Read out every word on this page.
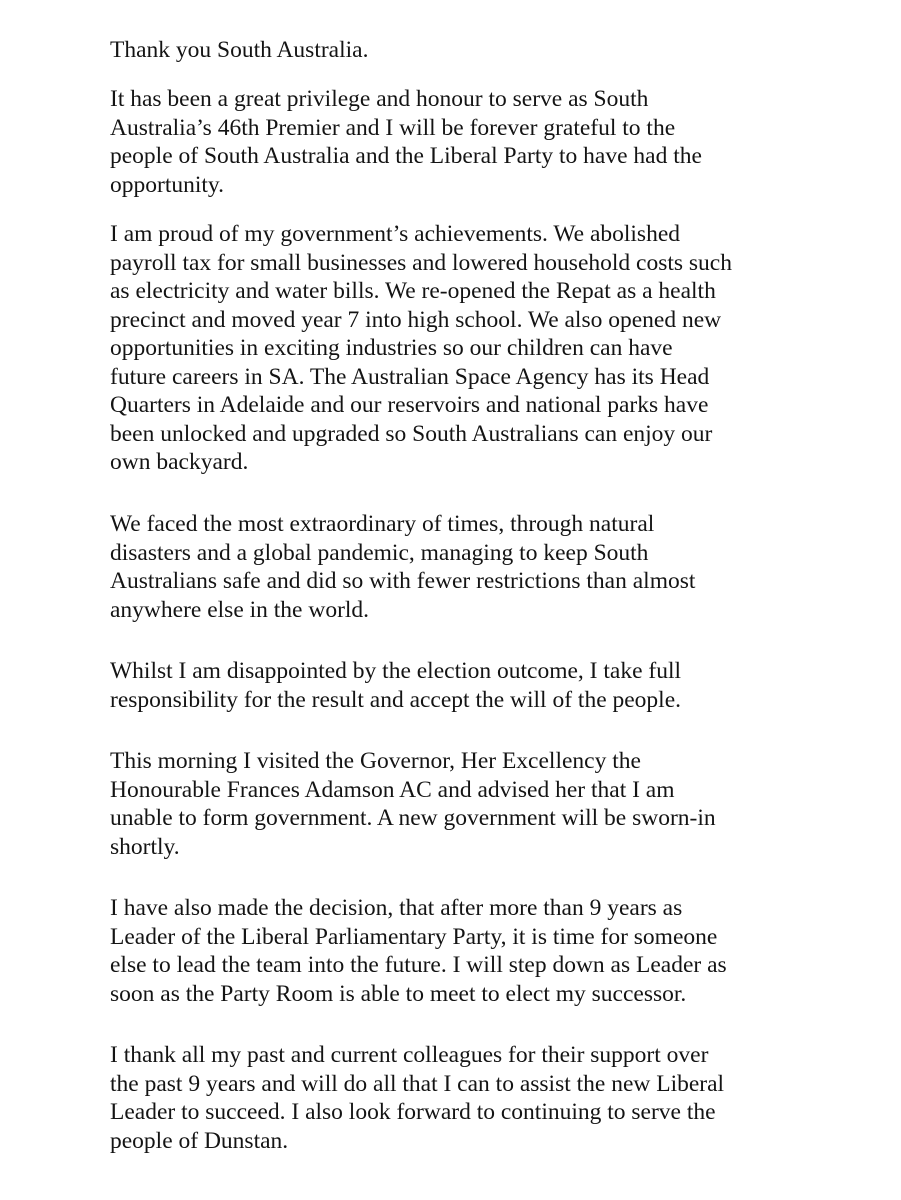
Thank you South Australia.

It has been a great privilege and honour to serve as South

Australia’s 46th Premier and I will be forever grateful to the

people of South Australia and the Liberal Party to have had the

opportunity.

I am proud of my government’s achievements. We abolished

payroll tax for small businesses and lowered household costs such

as electricity and water bills. We re-opened the Repat as a health

precinct and moved year 7 into high school. We also opened new

opportunities in exciting industries so our children can have

future careers in SA. The Australian Space Agency has its Head

Quarters in Adelaide and our reservoirs and national parks have

been unlocked and upgraded so South Australians can enjoy our

own backyard.

We faced the most extraordinary of times, through natural

disasters and a global pandemic, managing to keep South

Australians safe and did so with fewer restrictions than almost

anywhere else in the world.

Whilst I am disappointed by the election outcome, I take full

responsibility for the result and accept the will of the people.

This morning I visited the Governor, Her Excellency the

Honourable Frances Adamson AC and advised her that I am

unable to form government. A new government will be sworn-in

shortly.

I have also made the decision, that after more than 9 years as

Leader of the Liberal Parliamentary Party, it is time for someone

else to lead the team into the future. I will step down as Leader as

soon as the Party Room is able to meet to elect my successor.

I thank all my past and current colleagues for their support over

the past 9 years and will do all that I can to assist the new Liberal

Leader to succeed. I also look forward to continuing to serve the

people of Dunstan.
